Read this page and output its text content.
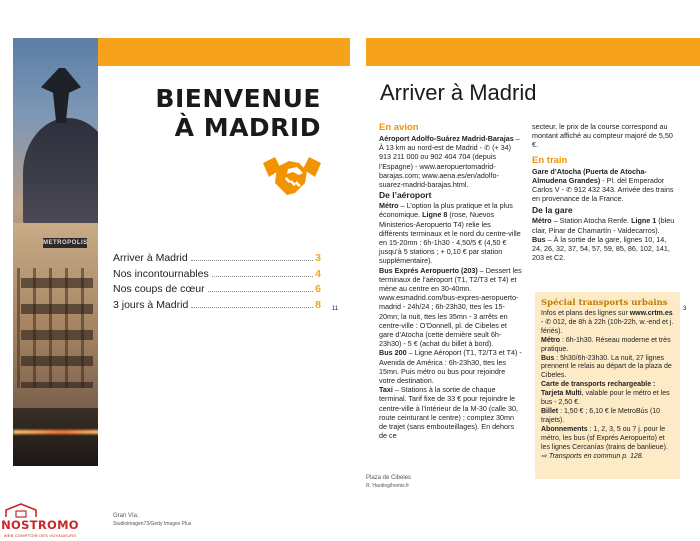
METROPOLIS
BIENVENUE
À MADRID
Arriver à Madrid	3
Nos incontournables	4
Nos coups de cœur	6
3 jours à Madrid	8 11
Gran Vía.
Studioimagen73/Getty Images Plus
Arriver à Madrid
En avion
Aéroport Adolfo-Suárez Madrid-Barajas – À 13 km au nord-est de Madrid - ✆ (+ 34) 913 211 000 ou 902 404 704 (depuis l’Espagne) - www.aeropuertomadrid-barajas.com; www.aena.es/en/adolfo-suarez-madrid-barajas.html.
De l’aéroport
Métro – L’option la plus pratique et la plus économique. Ligne 8 (rose, Nuevos Ministerios-Aeropuerto T4) relie les différents terminaux et le nord du centre-ville en 15-20mn : 6h-1h30 - 4,50/5 € (4,50 € jusqu’à 5 stations ; + 0,10 € par station supplémentaire).
Bus Exprés Aeropuerto (203) – Dessert les terminaux de l’aéroport (T1, T2/T3 et T4) et mène au centre en 30-40mn. www.esmadrid.com/bus-expres-aeropuerto-madrid - 24h/24 ; 6h-23h30, ttes les 15-20mn; la nuit, ttes les 35mn - 3 arrêts en centre-ville : O’Donnell, pl. de Cibeles et gare d’Atocha (cette dernière seult 6h-23h30) - 5 € (achat du billet à bord).
Bus 200 – Ligne Aéroport (T1, T2/T3 et T4) - Avenida de América : 6h-23h30, ttes les 15mn. Puis métro ou bus pour rejoindre votre destination.
Taxi – Stations à la sortie de chaque terminal. Tarif fixe de 33 € pour rejoindre le centre-ville à l’intérieur de la M-30 (calle 30, route ceinturant le centre) ; comptez 30mn de trajet (sans embouteillages). En dehors de ce
secteur, le prix de la course correspond au montant affiché au compteur majoré de 5,50 €.
En train
Gare d’Atocha (Puerta de Atocha-Almudena Grandes) - Pl. del Emperador Carlos V - ✆ 912 432 343. Arrivée des trains en provenance de la France.
De la gare
Métro – Station Atocha Renfe. Ligne 1 (bleu clair, Pinar de Chamartín - Valdecarros).
Bus – À la sortie de la gare, lignes 10, 14, 24, 26, 32, 37, 54, 57, 59, 85, 86, 102, 141, 203 et C2.
3
Spécial transports urbains
Infos et plans des lignes sur www.crtm.es - ✆ 012, de 8h à 22h (10h-22h, w.-end et j. fériés).
Métro : 6h-1h30. Réseau moderne et très pratique.
Bus : 5h30/6h-23h30. La nuit, 27 lignes prennent le relais au départ de la plaza de Cibeles.
Carte de transports rechargeable : Tarjeta Multi, valable pour le métro et les bus - 2,50 €.
Billet : 1,50 € ; 6,10 € le MetroBús (10 trajets).
Abonnements : 1, 2, 3, 5 ou 7 j. pour le métro, les bus (sf Exprés Aeropuerto) et les lignes Cercanías (trains de banlieue).
⇨ Transports en commun p. 128.
Plaza de Cibeles
R. Harding/hemis.fr
NOSTROMO
WEB COMPTOIR DES VOYAGEURS
